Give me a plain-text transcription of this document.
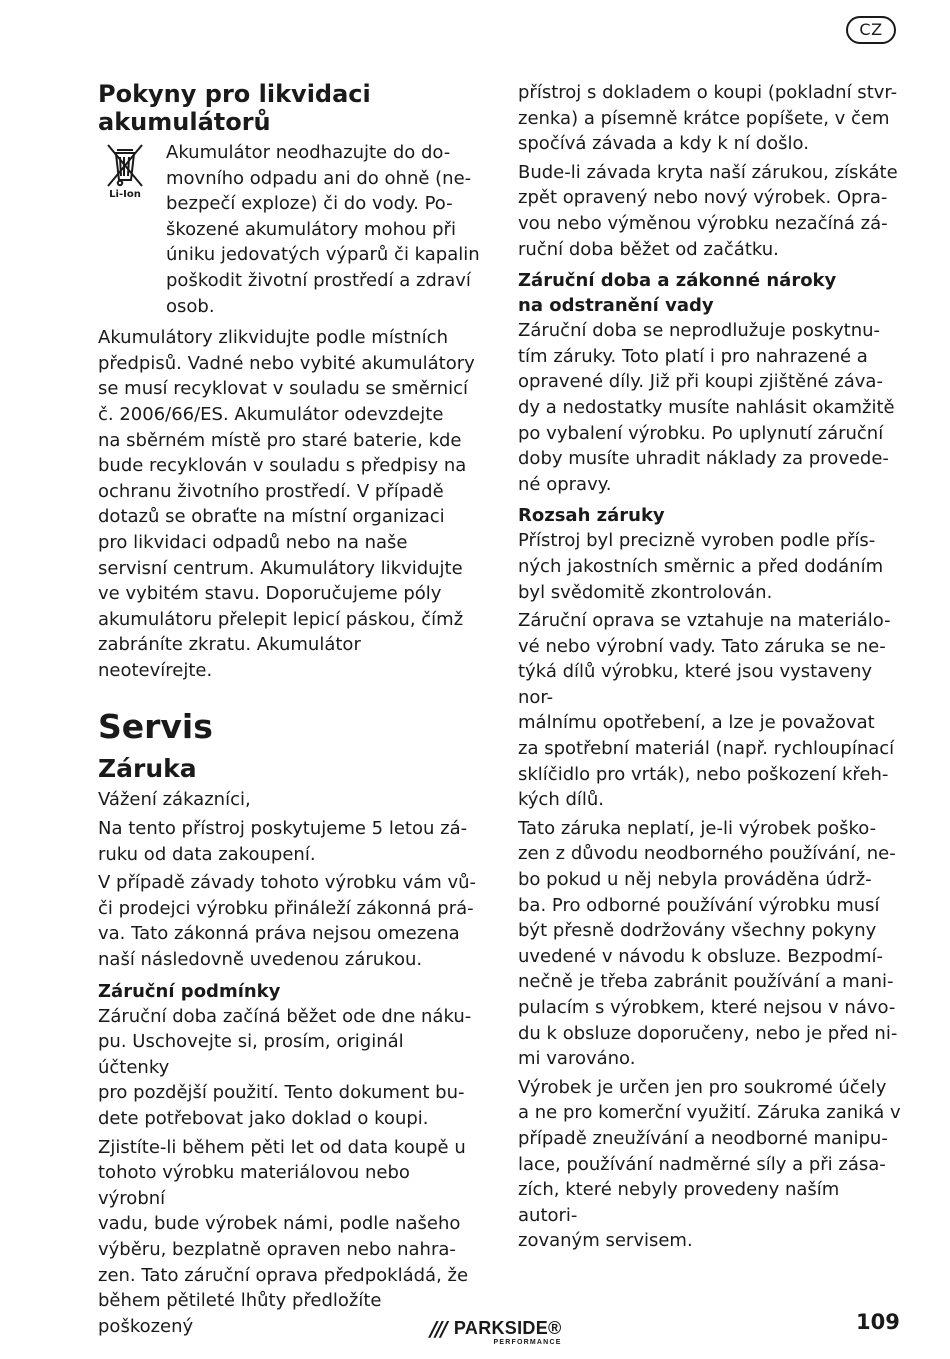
CZ
Pokyny pro likvidaci
akumulátorů
Li-Ion
Akumulátor neodhazujte do do-
movního odpadu ani do ohně (ne-
bezpečí exploze) či do vody. Po-
škozené akumulátory mohou při
úniku jedovatých výparů či kapalin
poškodit životní prostředí a zdraví
osob.

Akumulátory zlikvidujte podle místních
předpisů. Vadné nebo vybité akumulátory
se musí recyklovat v souladu se směrnicí
č. 2006/66/ES. Akumulátor odevzdejte
na sběrném místě pro staré baterie, kde
bude recyklován v souladu s předpisy na
ochranu životního prostředí. V případě
dotazů se obraťte na místní organizaci
pro likvidaci odpadů nebo na naše
servisní centrum. Akumulátory likvidujte
ve vybitém stavu. Doporučujeme póly
akumulátoru přelepit lepicí páskou, čímž
zabráníte zkratu. Akumulátor neotevírejte.

Servis
Záruka

Vážení zákazníci,

Na tento přístroj poskytujeme 5 letou zá-
ruku od data zakoupení.

V případě závady tohoto výrobku vám vů-
či prodejci výrobku přináleží zákonná prá-
va. Tato zákonná práva nejsou omezena
naší následovně uvedenou zárukou.

Záruční podmínky

Záruční doba začíná běžet ode dne náku-
pu. Uschovejte si, prosím, originál účtenky
pro pozdější použití. Tento dokument bu-
dete potřebovat jako doklad o koupi.

Zjistíte-li během pěti let od data koupě u
tohoto výrobku materiálovou nebo výrobní
vadu, bude výrobek námi, podle našeho
výběru, bezplatně opraven nebo nahra-
zen. Tato záruční oprava předpokládá, že
během pětileté lhůty předložíte poškozený

přístroj s dokladem o koupi (pokladní stvr-
zenka) a písemně krátce popíšete, v čem
spočívá závada a kdy k ní došlo.

Bude-li závada kryta naší zárukou, získáte
zpět opravený nebo nový výrobek. Opra-
vou nebo výměnou výrobku nezačíná zá-
ruční doba běžet od začátku.

Záruční doba a zákonné nároky
na odstranění vady

Záruční doba se neprodlužuje poskytnu-
tím záruky. Toto platí i pro nahrazené a
opravené díly. Již při koupi zjištěné záva-
dy a nedostatky musíte nahlásit okamžitě
po vybalení výrobku. Po uplynutí záruční
doby musíte uhradit náklady za provede-
né opravy.

Rozsah záruky

Přístroj byl precizně vyroben podle přís-
ných jakostních směrnic a před dodáním
byl svědomitě zkontrolován.

Záruční oprava se vztahuje na materiálo-
vé nebo výrobní vady. Tato záruka se ne-
týká dílů výrobku, které jsou vystaveny nor-
málnímu opotřebení, a lze je považovat
za spotřební materiál (např. rychloupínací
sklíčidlo pro vrták), nebo poškození křeh-
kých dílů.

Tato záruka neplatí, je-li výrobek poško-
zen z důvodu neodborného používání, ne-
bo pokud u něj nebyla prováděna údrž-
ba. Pro odborné používání výrobku musí
být přesně dodržovány všechny pokyny
uvedené v návodu k obsluze. Bezpodmí-
nečně je třeba zabránit používání a mani-
pulacím s výrobkem, které nejsou v návo-
du k obsluze doporučeny, nebo je před ni-
mi varováno.

Výrobek je určen jen pro soukromé účely
a ne pro komerční využití. Záruka zaniká v
případě zneužívání a neodborné manipu-
lace, používání nadměrné síly a při zása-
zích, které nebyly provedeny naším autori-
zovaným servisem.

/// PARKSIDE®
PERFORMANCE
109
